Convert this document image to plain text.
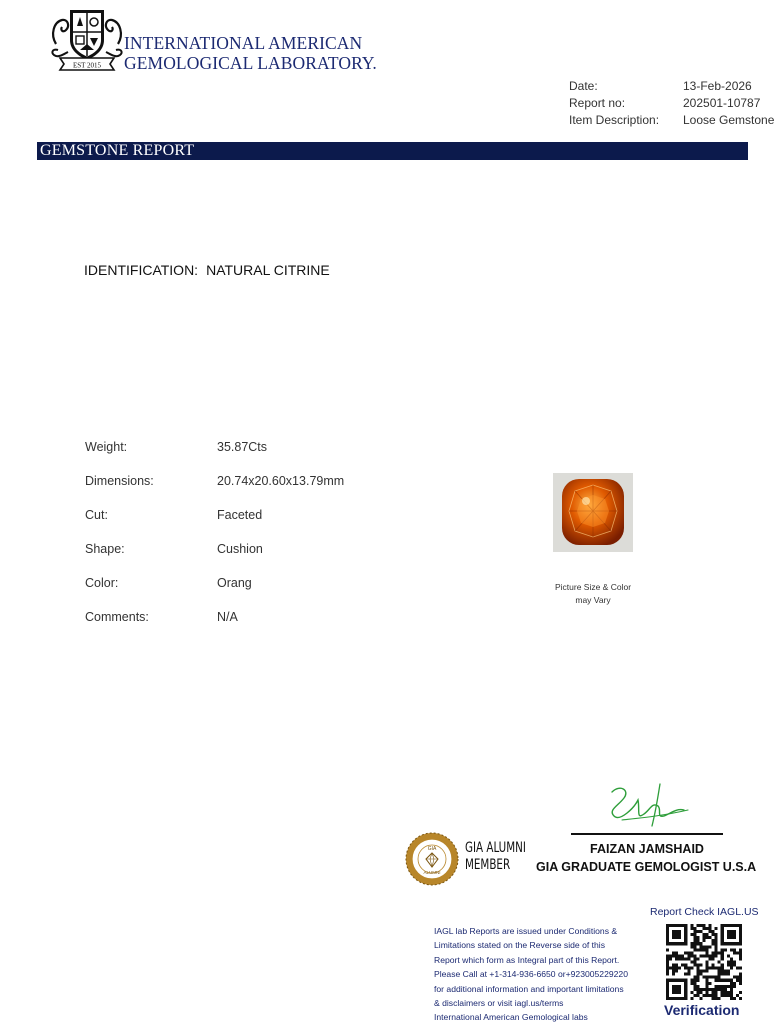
EST 2015
INTERNATIONAL AMERICAN
GEMOLOGICAL LABORATORY.
Date:	13-Feb-2026
Report no:	202501-10787
Item Description: Loose Gemstone
GEMSTONE REPORT
IDENTIFICATION: NATURAL CITRINE
Weight:	35.87Cts
Dimensions:	20.74x20.60x13.79mm
Cut:	Faceted
Shape:	Cushion
Color:	Orang
Comments:	N/A
Picture Size & Color
may Vary
FAIZAN JAMSHAID
GIA GRADUATE GEMOLOGIST U.S.A
GIA
ALUMNI
GIA ALUMNI
MEMBER
Report Check IAGL.US
IAGL lab Reports are issued under Conditions &
Limitations stated on the Reverse side of this
Report which form as Integral part of this Report.
Please Call at +1-314-936-6650 or+923005229220
for additional information and important limitations
& disclaimers or visit iagl.us/terms
International American Gemological labs	Verification
